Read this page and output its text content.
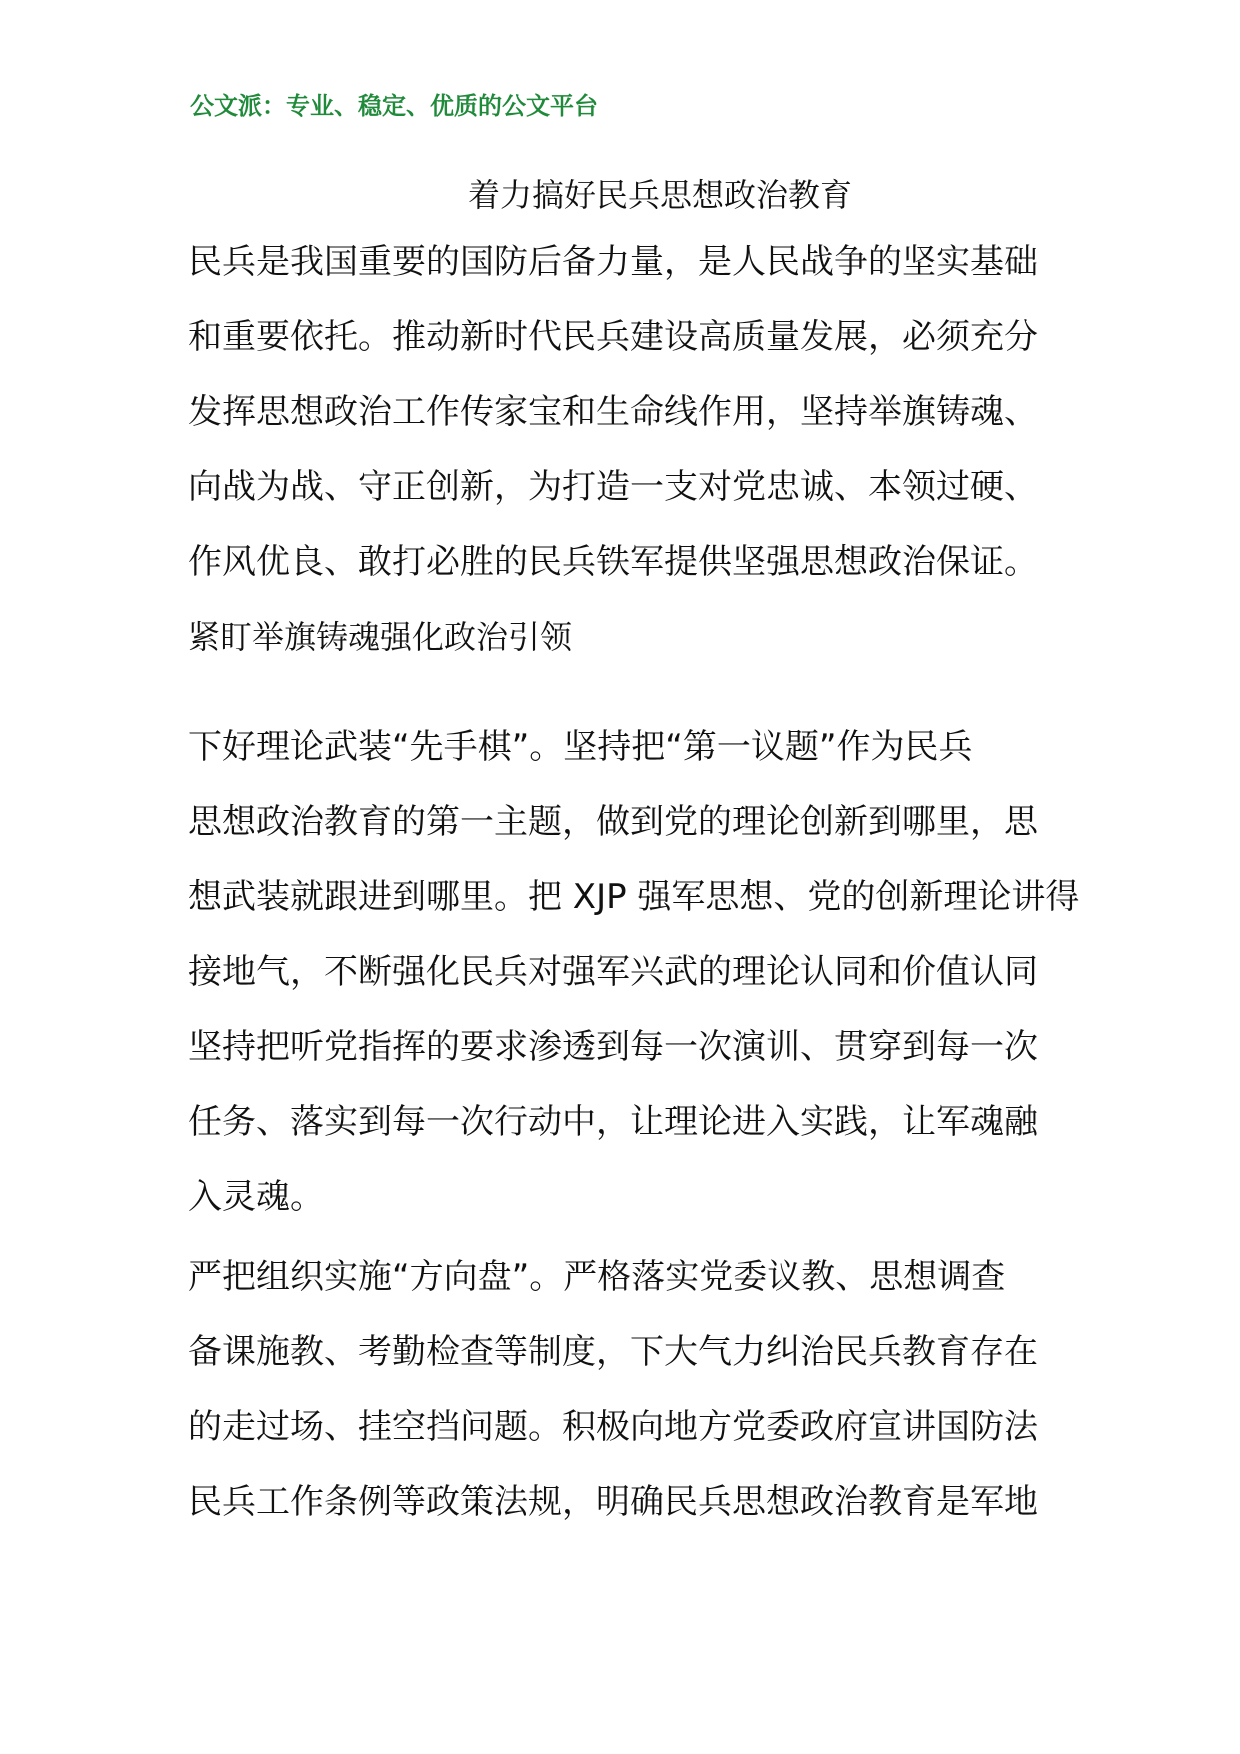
公文派：专业、稳定、优质的公文平台
着力搞好民兵思想政治教育
民兵是我国重要的国防后备力量，是人民战争的坚实基础
和重要依托。推动新时代民兵建设高质量发展，必须充分
发挥思想政治工作传家宝和生命线作用，坚持举旗铸魂、
向战为战、守正创新，为打造一支对党忠诚、本领过硬、
作风优良、敢打必胜的民兵铁军提供坚强思想政治保证。
紧盯举旗铸魂强化政治引领
下好理论武装“先手棋”。坚持把“第一议题”作为民兵
思想政治教育的第一主题，做到党的理论创新到哪里，思
想武装就跟进到哪里。把 XJP 强军思想、党的创新理论讲得
接地气，不断强化民兵对强军兴武的理论认同和价值认同
坚持把听党指挥的要求渗透到每一次演训、贯穿到每一次
任务、落实到每一次行动中，让理论进入实践，让军魂融
入灵魂。
严把组织实施“方向盘”。严格落实党委议教、思想调查
备课施教、考勤检查等制度，下大气力纠治民兵教育存在
的走过场、挂空挡问题。积极向地方党委政府宣讲国防法
民兵工作条例等政策法规，明确民兵思想政治教育是军地
